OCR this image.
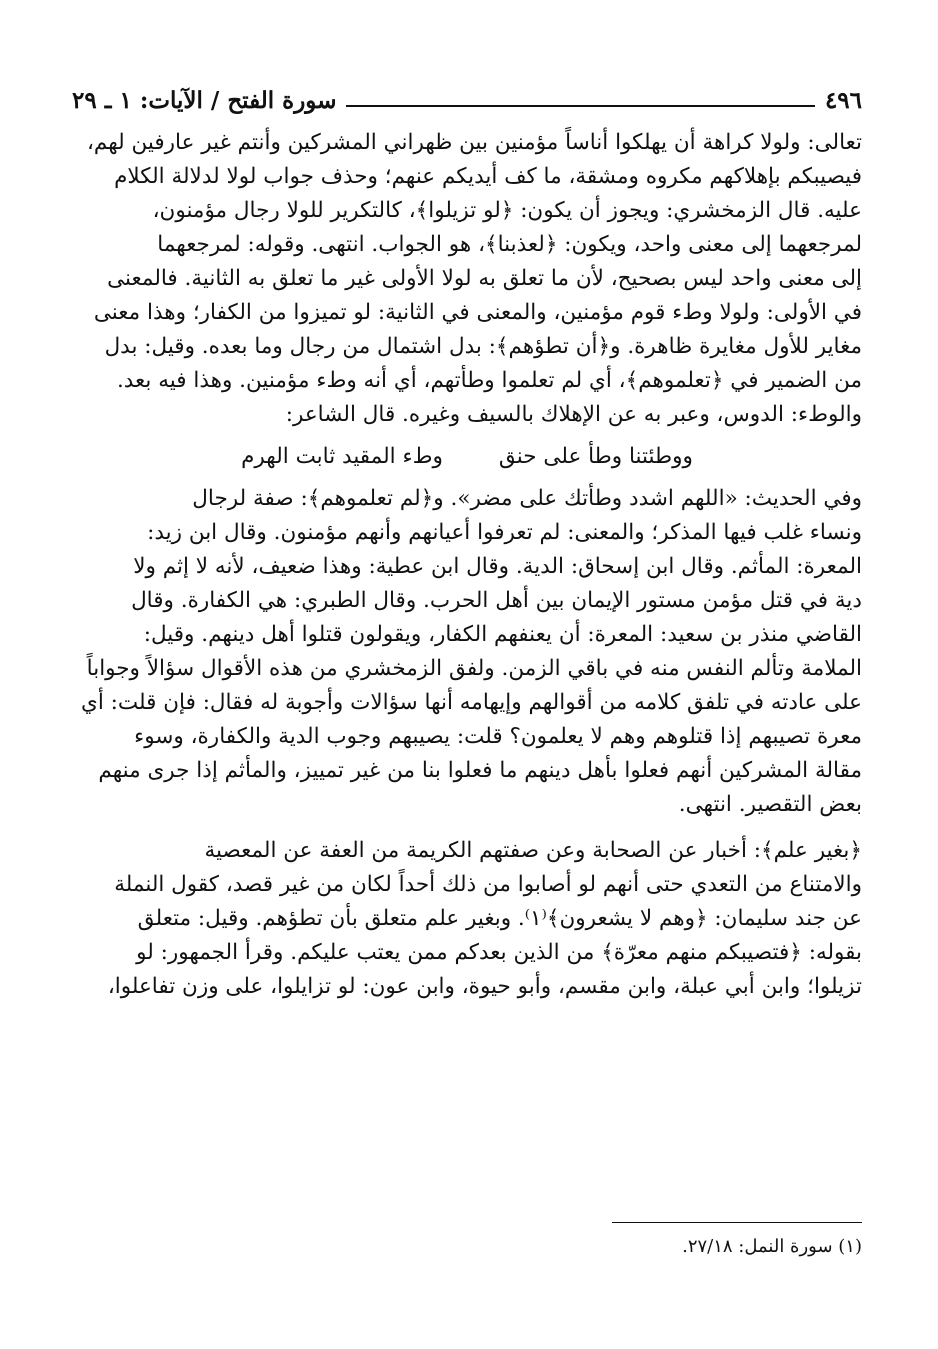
٤٩٦
سورة الفتح / الآيات: ١ ـ ٢٩

تعالى: ولولا كراهة أن يهلكوا أناساً مؤمنين بين ظهراني المشركين وأنتم غير عارفين لهم،
فيصيبكم بإهلاكهم مكروه ومشقة، ما كف أيديكم عنهم؛ وحذف جواب لولا لدلالة الكلام
عليه. قال الزمخشري: ويجوز أن يكون: ﴿لو تزيلوا﴾، كالتكرير للولا رجال مؤمنون،
لمرجعهما إلى معنى واحد، ويكون: ﴿لعذبنا﴾، هو الجواب. انتهى. وقوله: لمرجعهما
إلى معنى واحد ليس بصحيح، لأن ما تعلق به لولا الأولى غير ما تعلق به الثانية. فالمعنى
في الأولى: ولولا وطء قوم مؤمنين، والمعنى في الثانية: لو تميزوا من الكفار؛ وهذا معنى
مغاير للأول مغايرة ظاهرة. و﴿أن تطؤهم﴾: بدل اشتمال من رجال وما بعده. وقيل: بدل
من الضمير في ﴿تعلموهم﴾، أي لم تعلموا وطأتهم، أي أنه وطء مؤمنين. وهذا فيه بعد.
والوطء: الدوس، وعبر به عن الإهلاك بالسيف وغيره. قال الشاعر:

ووطئتنا وطأ على حنق
وطء المقيد ثابت الهرم

وفي الحديث: «اللهم اشدد وطأتك على مضر». و﴿لم تعلموهم﴾: صفة لرجال
ونساء غلب فيها المذكر؛ والمعنى: لم تعرفوا أعيانهم وأنهم مؤمنون. وقال ابن زيد:
المعرة: المأثم. وقال ابن إسحاق: الدية. وقال ابن عطية: وهذا ضعيف، لأنه لا إثم ولا
دية في قتل مؤمن مستور الإيمان بين أهل الحرب. وقال الطبري: هي الكفارة. وقال
القاضي منذر بن سعيد: المعرة: أن يعنفهم الكفار، ويقولون قتلوا أهل دينهم. وقيل:
الملامة وتألم النفس منه في باقي الزمن. ولفق الزمخشري من هذه الأقوال سؤالاً وجواباً
على عادته في تلفق كلامه من أقوالهم وإيهامه أنها سؤالات وأجوبة له فقال: فإن قلت: أي
معرة تصيبهم إذا قتلوهم وهم لا يعلمون؟ قلت: يصيبهم وجوب الدية والكفارة، وسوء
مقالة المشركين أنهم فعلوا بأهل دينهم ما فعلوا بنا من غير تمييز، والمأثم إذا جرى منهم
بعض التقصير. انتهى.

﴿بغير علم﴾: أخبار عن الصحابة وعن صفتهم الكريمة من العفة عن المعصية
والامتناع من التعدي حتى أنهم لو أصابوا من ذلك أحداً لكان من غير قصد، كقول النملة
عن جند سليمان: ﴿وهم لا يشعرون﴾⁽١⁾. وبغير علم متعلق بأن تطؤهم. وقيل: متعلق
بقوله: ﴿فتصيبكم منهم معرّة﴾ من الذين بعدكم ممن يعتب عليكم. وقرأ الجمهور: لو
تزيلوا؛ وابن أبي عبلة، وابن مقسم، وأبو حيوة، وابن عون: لو تزايلوا، على وزن تفاعلوا،

(١) سورة النمل: ٢٧/١٨.
